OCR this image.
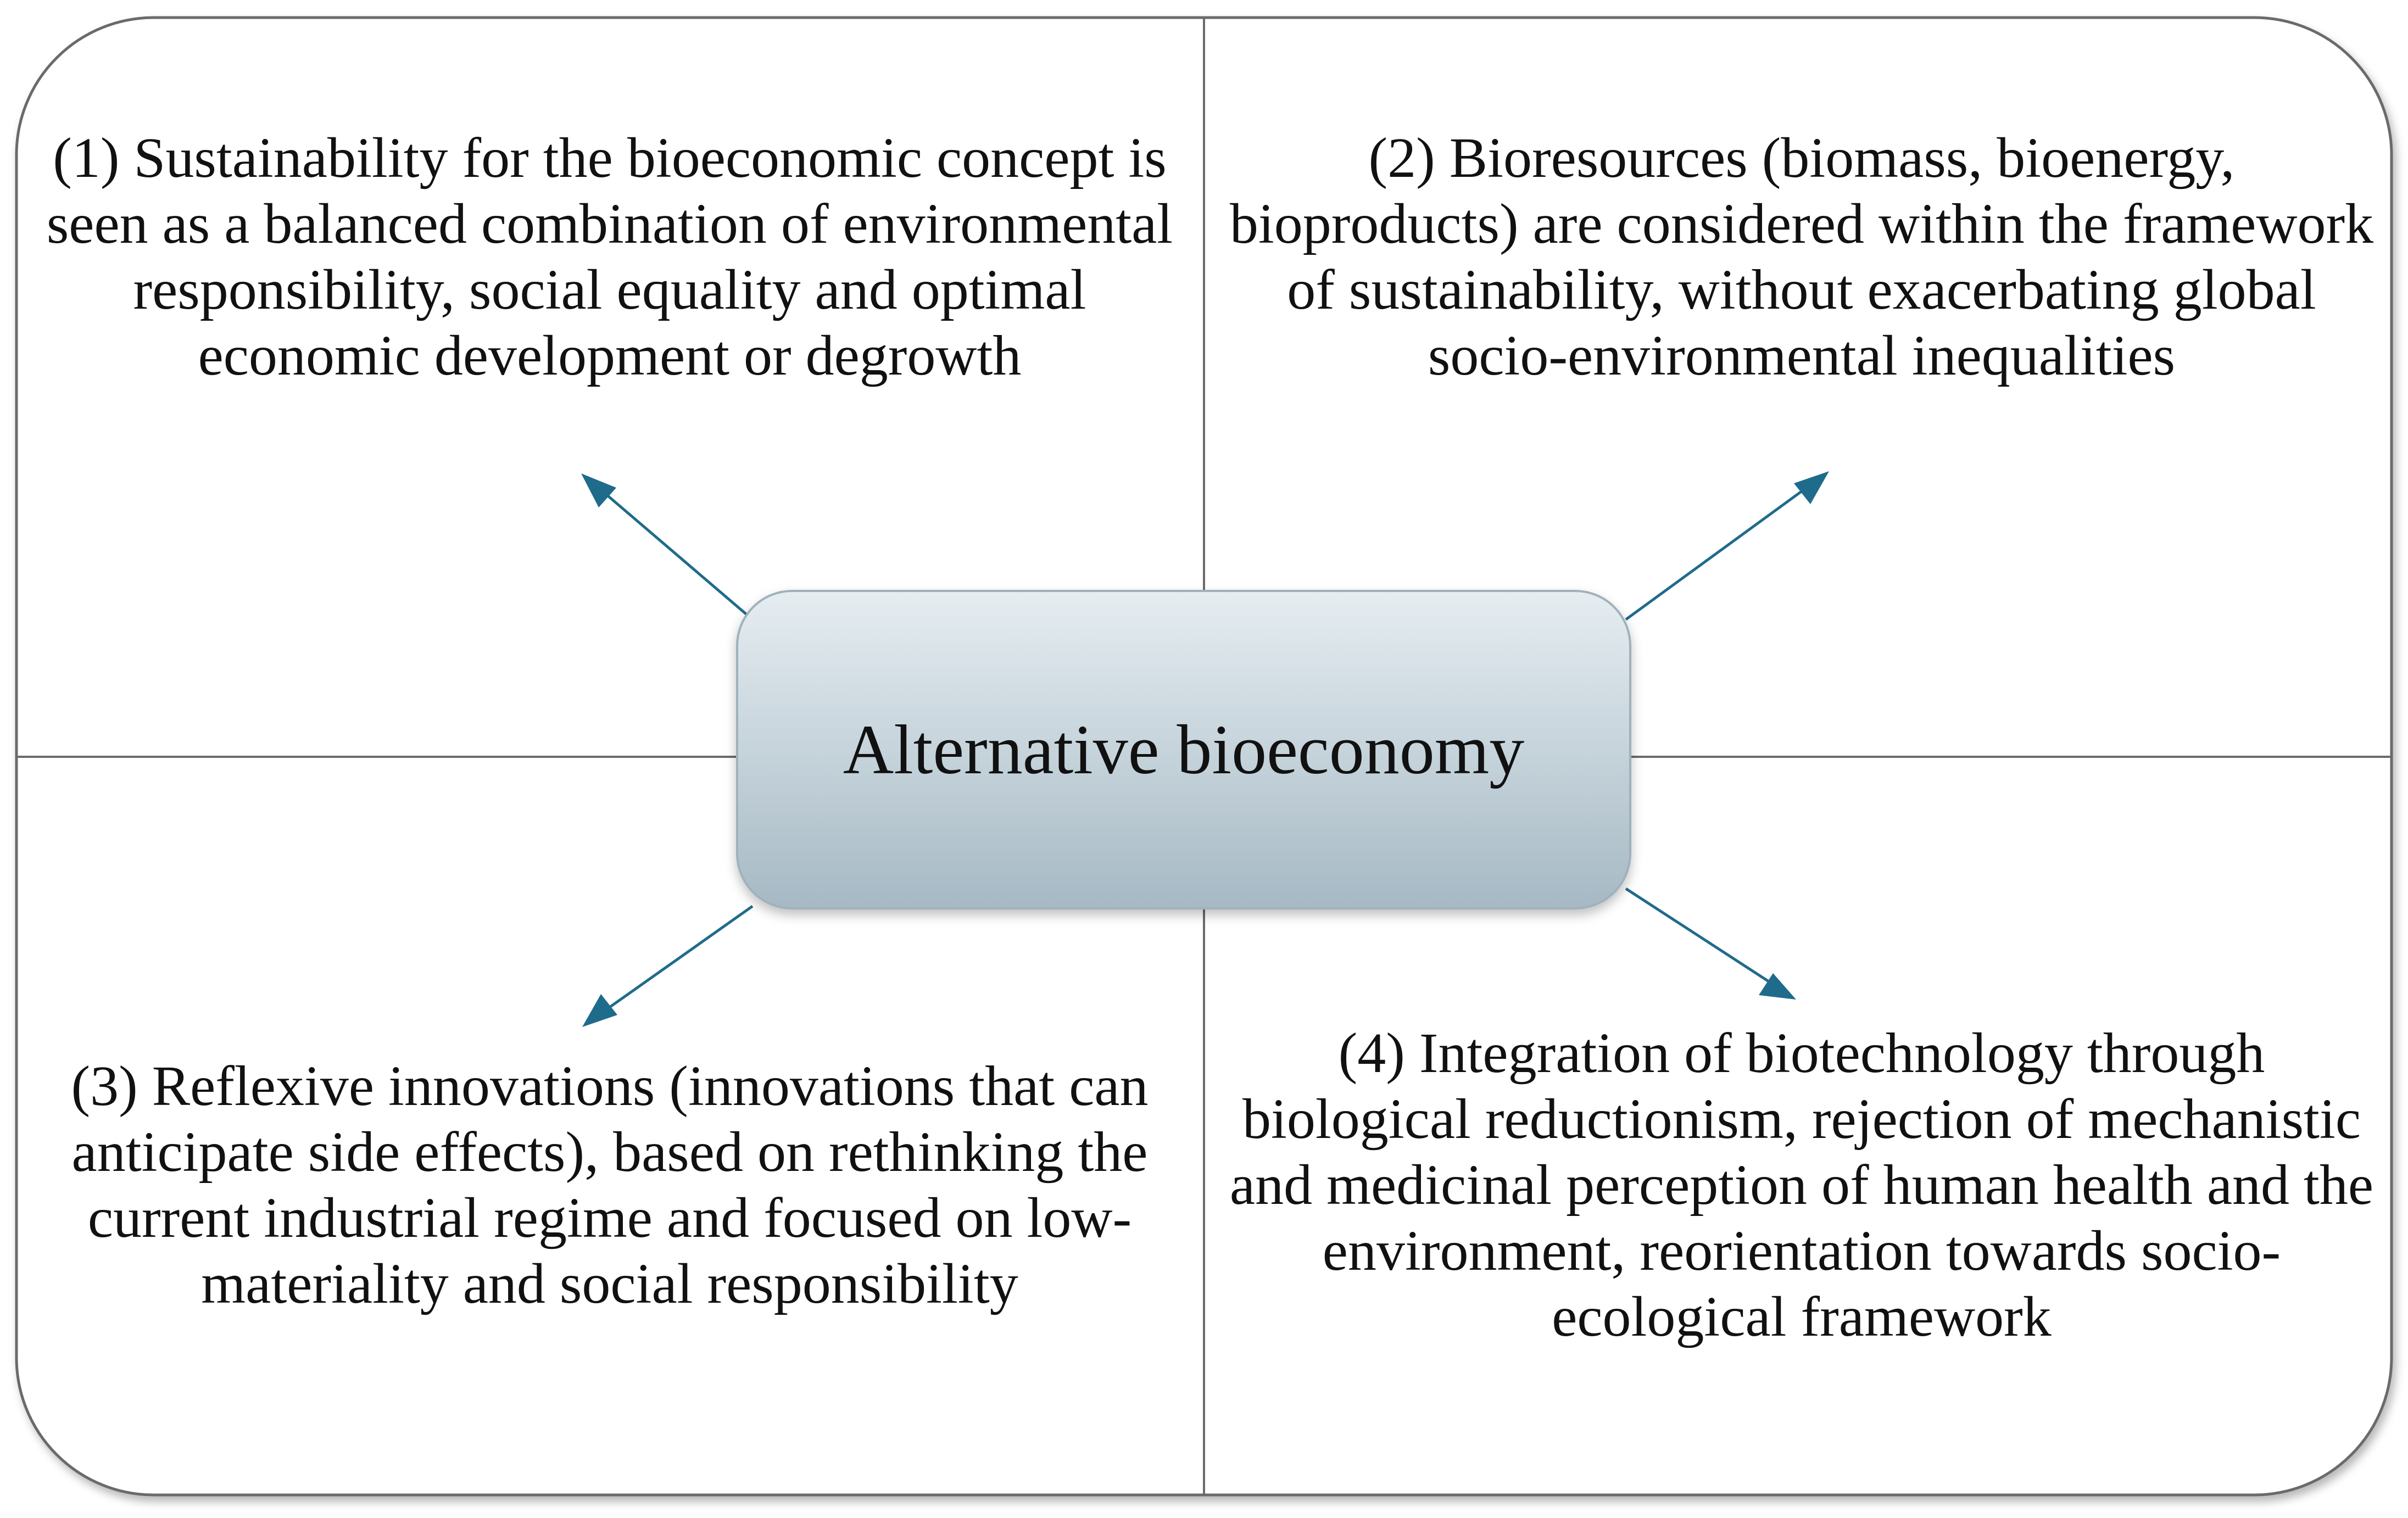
Alternative bioeconomy
(1) Sustainability for the bioeconomic concept is seen as a balanced combination of environmental responsibility, social equality and optimal economic development or degrowth
(2) Bioresources (biomass, bioenergy, bioproducts) are considered within the framework of sustainability, without exacerbating global socio-environmental inequalities
(3) Reflexive innovations (innovations that can anticipate side effects), based on rethinking the current industrial regime and focused on low-materiality and social responsibility
(4) Integration of biotechnology through biological reductionism, rejection of mechanistic and medicinal perception of human health and the environment, reorientation towards socio-ecological framework
